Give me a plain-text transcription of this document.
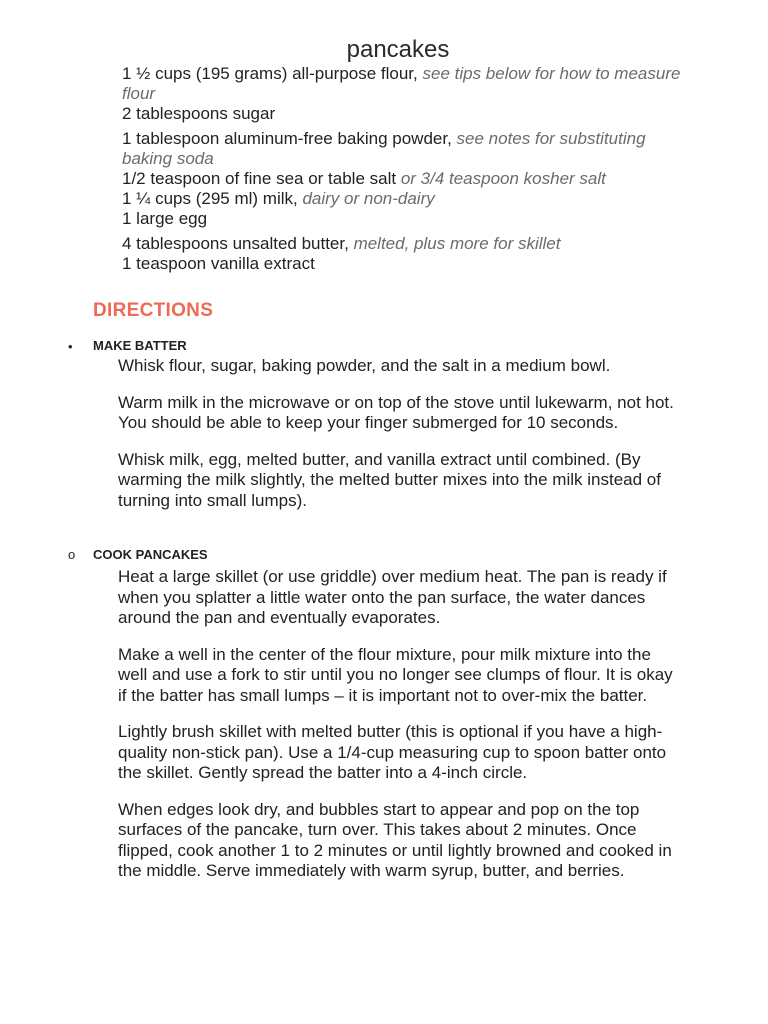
pancakes

1 ½ cups (195 grams) all-purpose flour, see tips below for how to measure flour

2 tablespoons sugar

1 tablespoon aluminum-free baking powder, see notes for substituting baking soda

1/2 teaspoon of fine sea or table salt or 3/4 teaspoon kosher salt

1 ¼ cups (295 ml) milk, dairy or non-dairy

1 large egg

4 tablespoons unsalted butter, melted, plus more for skillet

1 teaspoon vanilla extract

DIRECTIONS
• MAKE BATTER

Whisk flour, sugar, baking powder, and the salt in a medium bowl.

Warm milk in the microwave or on top of the stove until lukewarm, not hot. You should be able to keep your finger submerged for 10 seconds.

Whisk milk, egg, melted butter, and vanilla extract until combined. (By warming the milk slightly, the melted butter mixes into the milk instead of turning into small lumps).

o COOK PANCAKES

Heat a large skillet (or use griddle) over medium heat. The pan is ready if when you splatter a little water onto the pan surface, the water dances around the pan and eventually evaporates.

Make a well in the center of the flour mixture, pour milk mixture into the well and use a fork to stir until you no longer see clumps of flour. It is okay if the batter has small lumps – it is important not to over-mix the batter.

Lightly brush skillet with melted butter (this is optional if you have a high-quality non-stick pan). Use a 1/4-cup measuring cup to spoon batter onto the skillet. Gently spread the batter into a 4-inch circle.

When edges look dry, and bubbles start to appear and pop on the top surfaces of the pancake, turn over. This takes about 2 minutes. Once flipped, cook another 1 to 2 minutes or until lightly browned and cooked in the middle. Serve immediately with warm syrup, butter, and berries.
